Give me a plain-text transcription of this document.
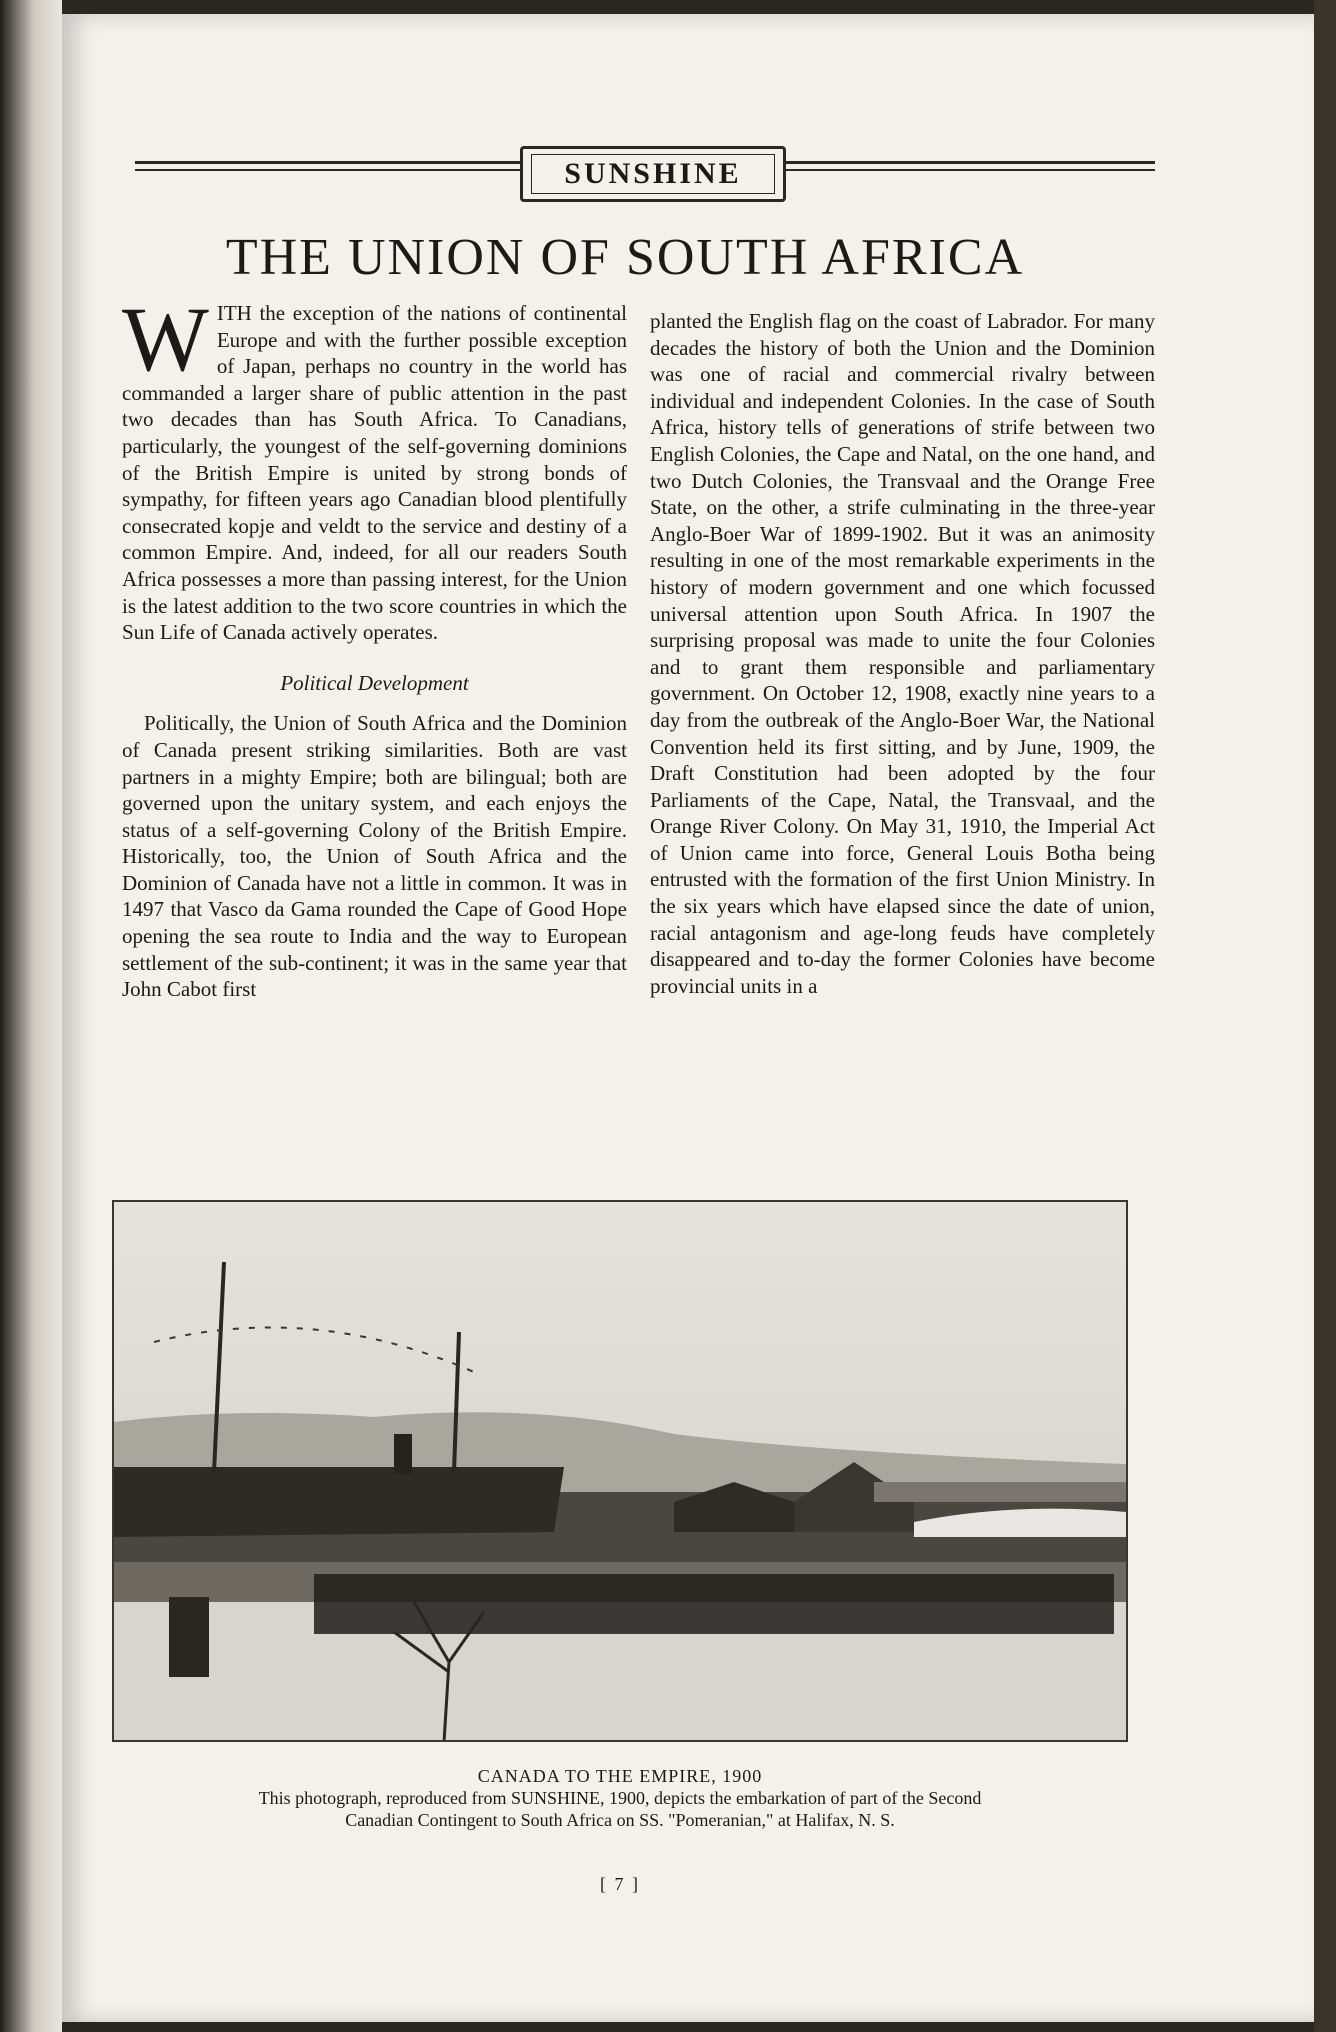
SUNSHINE
THE UNION OF SOUTH AFRICA

WITH the exception of the nations of continental Europe and with the further possible exception of Japan, perhaps no country in the world has commanded a larger share of public attention in the past two decades than has South Africa. To Canadians, particularly, the youngest of the self-governing dominions of the British Empire is united by strong bonds of sympathy, for fifteen years ago Canadian blood plentifully consecrated kopje and veldt to the service and destiny of a common Empire. And, indeed, for all our readers South Africa possesses a more than passing interest, for the Union is the latest addition to the two score countries in which the Sun Life of Canada actively operates.

Political Development

Politically, the Union of South Africa and the Dominion of Canada present striking similarities. Both are vast partners in a mighty Empire; both are bilingual; both are governed upon the unitary system, and each enjoys the status of a self-governing Colony of the British Empire. Historically, too, the Union of South Africa and the Dominion of Canada have not a little in common. It was in 1497 that Vasco da Gama rounded the Cape of Good Hope opening the sea route to India and the way to European settlement of the sub-continent; it was in the same year that John Cabot first

planted the English flag on the coast of Labrador. For many decades the history of both the Union and the Dominion was one of racial and commercial rivalry between individual and independent Colonies. In the case of South Africa, history tells of generations of strife between two English Colonies, the Cape and Natal, on the one hand, and two Dutch Colonies, the Transvaal and the Orange Free State, on the other, a strife culminating in the three-year Anglo-Boer War of 1899-1902. But it was an animosity resulting in one of the most remarkable experiments in the history of modern government and one which focussed universal attention upon South Africa. In 1907 the surprising proposal was made to unite the four Colonies and to grant them responsible and parliamentary government. On October 12, 1908, exactly nine years to a day from the outbreak of the Anglo-Boer War, the National Convention held its first sitting, and by June, 1909, the Draft Constitution had been adopted by the four Parliaments of the Cape, Natal, the Transvaal, and the Orange River Colony. On May 31, 1910, the Imperial Act of Union came into force, General Louis Botha being entrusted with the formation of the first Union Ministry. In the six years which have elapsed since the date of union, racial antagonism and age-long feuds have completely disappeared and to-day the former Colonies have become provincial units in a

CANADA TO THE EMPIRE, 1900
This photograph, reproduced from SUNSHINE, 1900, depicts the embarkation of part of the Second
Canadian Contingent to South Africa on SS. "Pomeranian," at Halifax, N. S.
[ 7 ]
